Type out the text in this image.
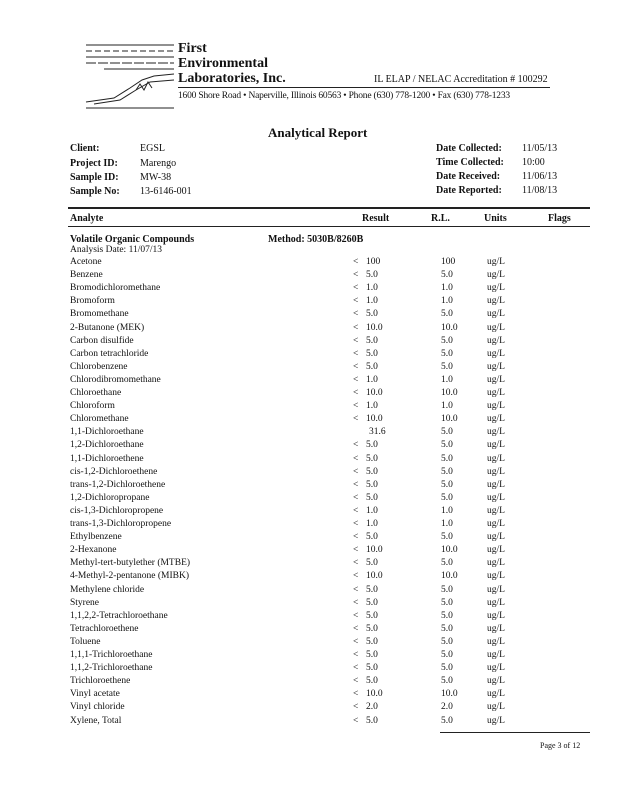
First
Environmental
Laboratories, Inc.	IL ELAP / NELAC Accreditation # 100292
1600 Shore Road • Naperville, Illinois 60563 • Phone (630) 778-1200 • Fax (630) 778-1233
Analytical Report
Client:	EGSL
Project ID: Marengo
Sample ID: MW-38
Sample No: 13-6146-001
Date Collected: 11/05/13
Time Collected: 10:00
Date Received: 11/06/13
Date Reported: 11/08/13
Analyte	Result	R.L.	Units	Flags
Volatile Organic Compounds	Method: 5030B/8260B
Analysis Date: 11/07/13
Acetone	< 100	100	ug/L
Benzene	< 5.0	5.0	ug/L
Bromodichloromethane	< 1.0	1.0	ug/L
Bromoform	< 1.0	1.0	ug/L
Bromomethane	< 5.0	5.0	ug/L
2-Butanone (MEK)	< 10.0	10.0	ug/L
Carbon disulfide	< 5.0	5.0	ug/L
Carbon tetrachloride	< 5.0	5.0	ug/L
Chlorobenzene	< 5.0	5.0	ug/L
Chlorodibromomethane	< 1.0	1.0	ug/L
Chloroethane	< 10.0	10.0	ug/L
Chloroform	< 1.0	1.0	ug/L
Chloromethane	< 10.0	10.0	ug/L
1,1-Dichloroethane	31.6	5.0	ug/L
1,2-Dichloroethane	< 5.0	5.0	ug/L
1,1-Dichloroethene	< 5.0	5.0	ug/L
cis-1,2-Dichloroethene	< 5.0	5.0	ug/L
trans-1,2-Dichloroethene	< 5.0	5.0	ug/L
1,2-Dichloropropane	< 5.0	5.0	ug/L
cis-1,3-Dichloropropene	< 1.0	1.0	ug/L
trans-1,3-Dichloropropene	< 1.0	1.0	ug/L
Ethylbenzene	< 5.0	5.0	ug/L
2-Hexanone	< 10.0	10.0	ug/L
Methyl-tert-butylether (MTBE)	< 5.0	5.0	ug/L
4-Methyl-2-pentanone (MIBK)	< 10.0	10.0	ug/L
Methylene chloride	< 5.0	5.0	ug/L
Styrene	< 5.0	5.0	ug/L
1,1,2,2-Tetrachloroethane	< 5.0	5.0	ug/L
Tetrachloroethene	< 5.0	5.0	ug/L
Toluene	< 5.0	5.0	ug/L
1,1,1-Trichloroethane	< 5.0	5.0	ug/L
1,1,2-Trichloroethane	< 5.0	5.0	ug/L
Trichloroethene	< 5.0	5.0	ug/L
Vinyl acetate	< 10.0	10.0	ug/L
Vinyl chloride	< 2.0	2.0	ug/L
Xylene, Total	< 5.0	5.0	ug/L
Page 3 of 12
